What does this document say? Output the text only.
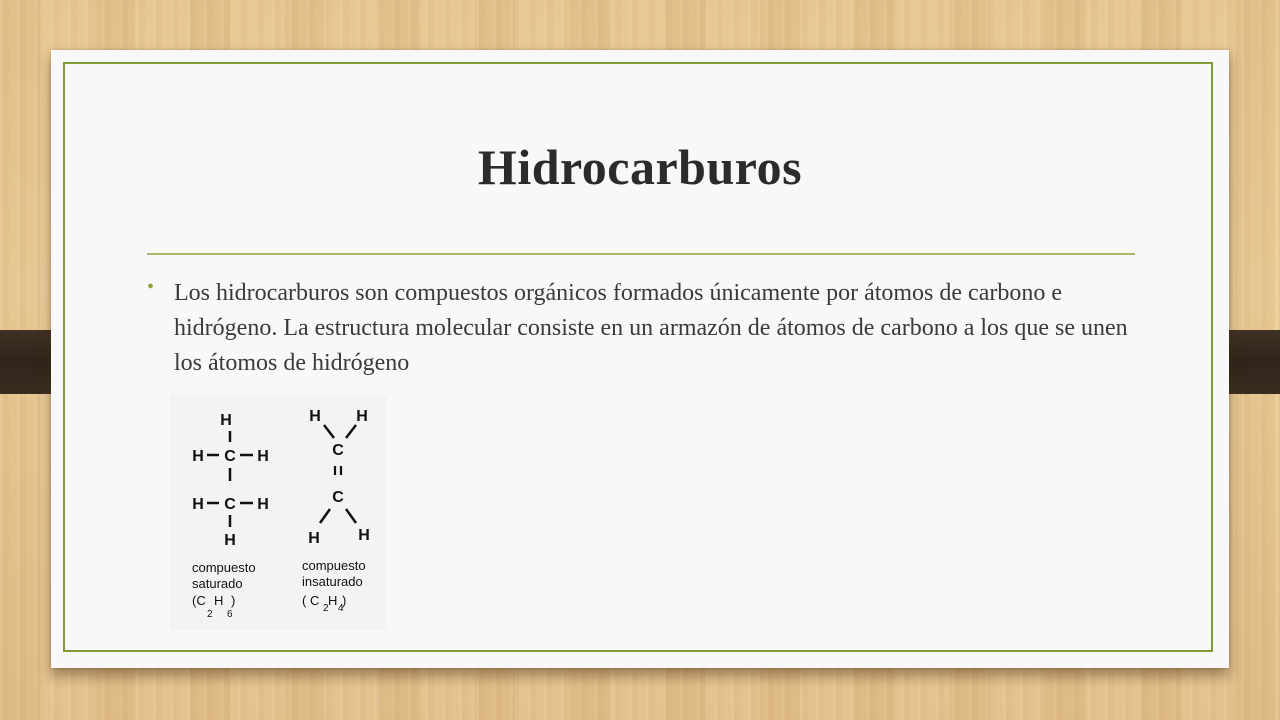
Hidrocarburos
• Los hidrocarburos son compuestos orgánicos formados únicamente por átomos de carbono e hidrógeno. La estructura molecular consiste en un armazón de átomos de carbono a los que se unen los átomos de hidrógeno

H
H C H
H C H
H
compuesto
saturado
(C H )
2 6
H H
C
C
H H
compuesto
insaturado
( C H )
2 4
